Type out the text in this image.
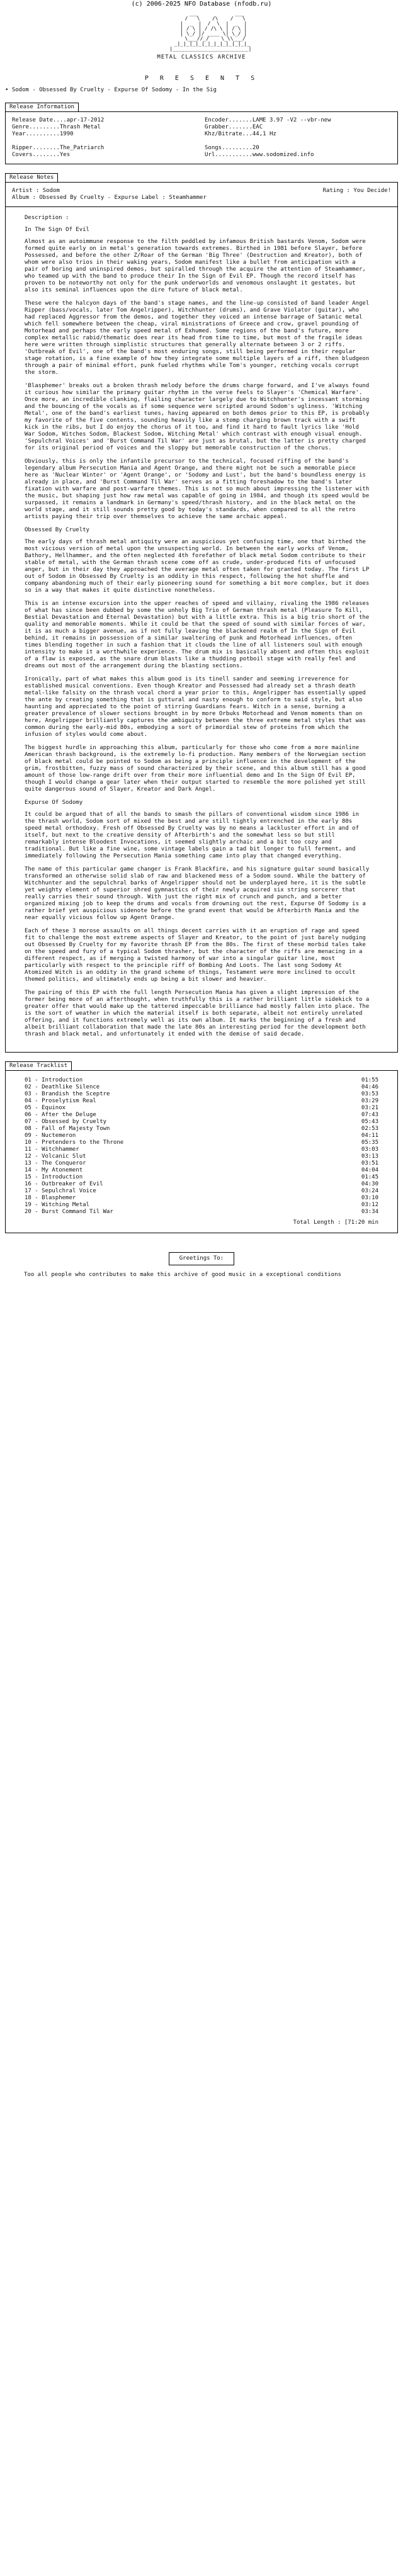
(c) 2006-2025 NFO Database (nfodb.ru)
___            ___
/   \    /\    /   \
|  _  |  /  \  |  _  |
| / \ | / /\ \ | / \ |
| \_/ |/ ____ \| \_/ |
\___//_/    \_\\___/
_|_|_|_|_|_|_|_|_|_|_|_|_
|_________________________|

METAL CLASSICS ARCHIVE
P R E S E N T S
• Sodom - Obsessed By Cruelty - Expurse Of Sodomy - In the Sig
Release Information
Release Date....apr-17-2012
Genre.........Thrash Metal
Year..........1990
Ripper........The_Patriarch
Covers........Yes
Encoder.......LAME 3.97 -V2 --vbr-new
Grabber.......EAC
Khz/Bitrate...44,1 Hz
Songs.........20
Url...........www.sodomized.info
Release Notes
Artist : Sodom	Rating : You Decide!
Album : Obsessed By Cruelty - Expurse Label : Steamhammer
Description :
In The Sign Of Evil

Almost as an autoimmune response to the filth peddled by infamous British bastards Venom, Sodom were formed quite early on in metal's generation towards extremes. Birthed in 1981 before Slayer, before Possessed, and before the other Z/Roar of the German 'Big Three' (Destruction and Kreator), both of whom were also trios in their waking years, Sodom manifest like a bullet from anticipation with a pair of boring and uninspired demos, but spiralled through the acquire the attention of Steamhammer, who teamed up with the band to produce their In the Sign of Evil EP. Though the record itself has proven to be noteworthy not only for the punk underworlds and venomous onslaught it gestates, but also its seminal influences upon the dire future of black metal.

These were the halcyon days of the band's stage names, and the line-up consisted of band leader Angel Ripper (bass/vocals, later Tom Angelripper), Witchhunter (drums), and Grave Violator (guitar), who had replaced Aggressor from the demos, and together they voiced an intense barrage of Satanic metal which fell somewhere between the cheap, viral ministrations of Greece and crow, gravel pounding of Motorhead and perhaps the early speed metal of Exhumed. Some regions of the band's future, more complex metallic rabid/thematic does rear its head from time to time, but most of the fragile ideas here were written through simplistic structures that generally alternate between 3 or 2 riffs. 'Outbreak of Evil', one of the band's most enduring songs, still being performed in their regular stage rotation, is a fine example of how they integrate some multiple layers of a riff, then bludgeon through a pair of minimal effort, punk fueled rhythms while Tom's younger, retching vocals corrupt the storm.

'Blasphemer' breaks out a broken thrash melody before the drums charge forward, and I've always found it curious how similar the primary guitar rhythm in the verse feels to Slayer's 'Chemical Warfare'. Once more, an incredible clanking, flailing character largely due to Witchhunter's incessant storming and the bouncing of the vocals as if some sequence were scripted around Sodom's ugliness. 'Witching Metal', one of the band's earliest tunes, having appeared on both demos prior to this EP, is probably my favorite of the five contents, sounding heavily like a stomp charging brown track with a swift kick in the ribs, but I do enjoy the chorus of it too, and find it hard to fault lyrics like 'Hold War Sodom, Witches Sodom, Blackest Sodom, Witching Metal' which contrast with enough visual enough. 'Sepulchral Voices' and 'Burst Command Til War' are just as brutal, but the latter is pretty charged for its original period of voices and the sloppy but memorable construction of the chorus.

Obviously, this is only the infantile precursor to the technical, focused riffing of the band's legendary album Persecution Mania and Agent Orange, and there might not be such a memorable piece here as 'Nuclear Winter' or 'Agent Orange', or 'Sodomy and Lust', but the band's boundless energy is already in place, and 'Burst Command Til War' serves as a fitting foreshadow to the band's later fixation with warfare and post-warfare themes. This is not so much about impressing the listener with the music, but shaping just how raw metal was capable of going in 1984, and though its speed would be surpassed, it remains a landmark in Germany's speed/thrash history, and in the black metal on the world stage, and it still sounds pretty good by today's standards, when compared to all the retro artists paying their trip over themselves to achieve the same archaic appeal.

Obsessed By Cruelty

The early days of thrash metal antiquity were an auspicious yet confusing time, one that birthed the most vicious version of metal upon the unsuspecting world. In between the early works of Venom, Bathory, Hellhammer, and the often neglected 4th forefather of black metal Sodom contribute to their stable of metal, with the German thrash scene come off as crude, under-produced fits of unfocused anger, but in their day they approached the average metal often taken for granted today. The first LP out of Sodom in Obsessed By Cruelty is an oddity in this respect, following the hot shuffle and company abandoning much of their early pioneering sound for something a bit more complex, but it does so in a way that makes it quite distinctive nonetheless.

This is an intense excursion into the upper reaches of speed and villainy, rivaling the 1986 releases of what has since been dubbed by some the unholy Big Trio of German thrash metal (Pleasure To Kill, Bestial Devastation and Eternal Devastation) but with a little extra. This is a big trio short of the quality and memorable moments. While it could be that the speed of sound with similar forces of war, it is as much a bigger avenue, as if not fully leaving the blackened realm of In the Sign of Evil behind, it remains in possession of a similar swaltering of punk and Motorhead influences, often times blending together in such a fashion that it clouds the line of all listeners soul with enough intensity to make it a worthwhile experience. The drum mix is basically absent and often this exploit of a flaw is exposed, as the snare drum blasts like a thudding potboil stage with really feel and dreams out most of the arrangement during the blasting sections.

Ironically, part of what makes this album good is its tinell sander and seeming irreverence for established musical conventions. Even though Kreator and Possessed had already set a thrash death metal-like falsity on the thrash vocal chord a year prior to this, Angelripper has essentially upped the ante by creating something that is guttural and nasty enough to conform to said style, but also haunting and appreciated to the point of stirring Guardians fears. Witch in a sense, burning a greater prevalence of slower sections brought in by more Orbuks Motorhead and Venom moments than on here, Angelripper brilliantly captures the ambiguity between the three extreme metal styles that was common during the early-mid 80s, embodying a sort of primordial stew of proteins from which the infusion of styles would come about.

The biggest hurdle in approaching this album, particularly for those who come from a more mainline American thrash background, is the extremely lo-fi production. Many members of the Norwegian section of black metal could be pointed to Sodom as being a principle influence in the development of the grim, frostbitten, fuzzy mass of sound characterized by their scene, and this album still has a good amount of those low-range drift over from their more influential demo and In the Sign Of Evil EP, though I would change a gear later when their output started to resemble the more polished yet still quite dangerous sound of Slayer, Kreator and Dark Angel.

Expurse Of Sodomy

It could be argued that of all the bands to smash the pillars of conventional wisdom since 1986 in the thrash world, Sodom sort of mixed the best and are still tightly entrenched in the early 80s speed metal orthodoxy. Fresh off Obsessed By Cruelty was by no means a lackluster effort in and of itself, but next to the creative density of Afterbirth's and the somewhat less so but still remarkably intense Bloodest Invocations, it seemed slightly archaic and a bit too cozy and traditional. But like a fine wine, some vintage labels gain a tad bit longer to full ferment, and immediately following the Persecution Mania something came into play that changed everything.

The name of this particular game changer is Frank Blackfire, and his signature guitar sound basically transformed an otherwise solid slab of raw and blackened mess of a Sodom sound. While the battery of Witchhunter and the sepulchral barks of Angelripper should not be underplayed here, it is the subtle yet weighty element of superior shred gymnastics of their newly acquired six string sorcerer that really carries their sound through. With just the right mix of crunch and punch, and a better organized mixing job to keep the drums and vocals from drowning out the rest, Expurse Of Sodomy is a rather brief yet auspicious sidenote before the grand event that would be Afterbirth Mania and the near equally vicious follow up Agent Orange.

Each of these 3 morose assaults on all things decent carries with it an eruption of rage and speed fit to challenge the most extreme aspects of Slayer and Kreator, to the point of just barely nudging out Obsessed By Cruelty for my favorite thrash EP from the 80s. The first of these morbid tales take on the speed and fury of a typical Sodom thrasher, but the character of the riffs are menacing in a different respect, as if merging a twisted harmony of war into a singular guitar line, most particularly with respect to the principle riff of Bombing And Loots. The last song Sodomy At Atomized Witch is an oddity in the grand scheme of things, Testament were more inclined to occult themed politics, and ultimately ends up being a bit slower and heavier.

The pairing of this EP with the full length Persecution Mania has given a slight impression of the former being more of an afterthought, when truthfully this is a rather brilliant little sidekick to a greater offer that would make up the tattered impeccable brilliance had mostly fallen into place. The is the sort of weather in which the material itself is both separate, albeit not entirely unrelated offering, and it functions extremely well as its own album. It marks the beginning of a fresh and albeit brilliant collaboration that made the late 80s an interesting period for the development both thrash and black metal, and unfortunately it ended with the demise of said decade.

Release Tracklist
01 - Introduction	01:55
02 - Deathlike Silence	04:46
03 - Brandish the Sceptre	03:53
04 - Proselytism Real	03:29
05 - Equinox	03:21
06 - After the Deluge	07:43
07 - Obsessed by Cruelty	05:43
08 - Fall of Majesty Town	02:53
09 - Nuctemeron	04:11
10 - Pretenders to the Throne	05:35
11 - Witchhammer	03:03
12 - Volcanic Slut	03:13
13 - The Conqueror	03:51
14 - My Atonement	04:04
15 - Introduction	01:45
16 - Outbreaker of Evil	04:30
17 - Sepulchral Voice	03:24
18 - Blasphemer	03:10
19 - Witching Metal	03:12
20 - Burst Command Til War	03:34
Total Length : [71:20 min
Greetings To:
Too all people who contributes to make this archive of good music in a exceptional conditions
